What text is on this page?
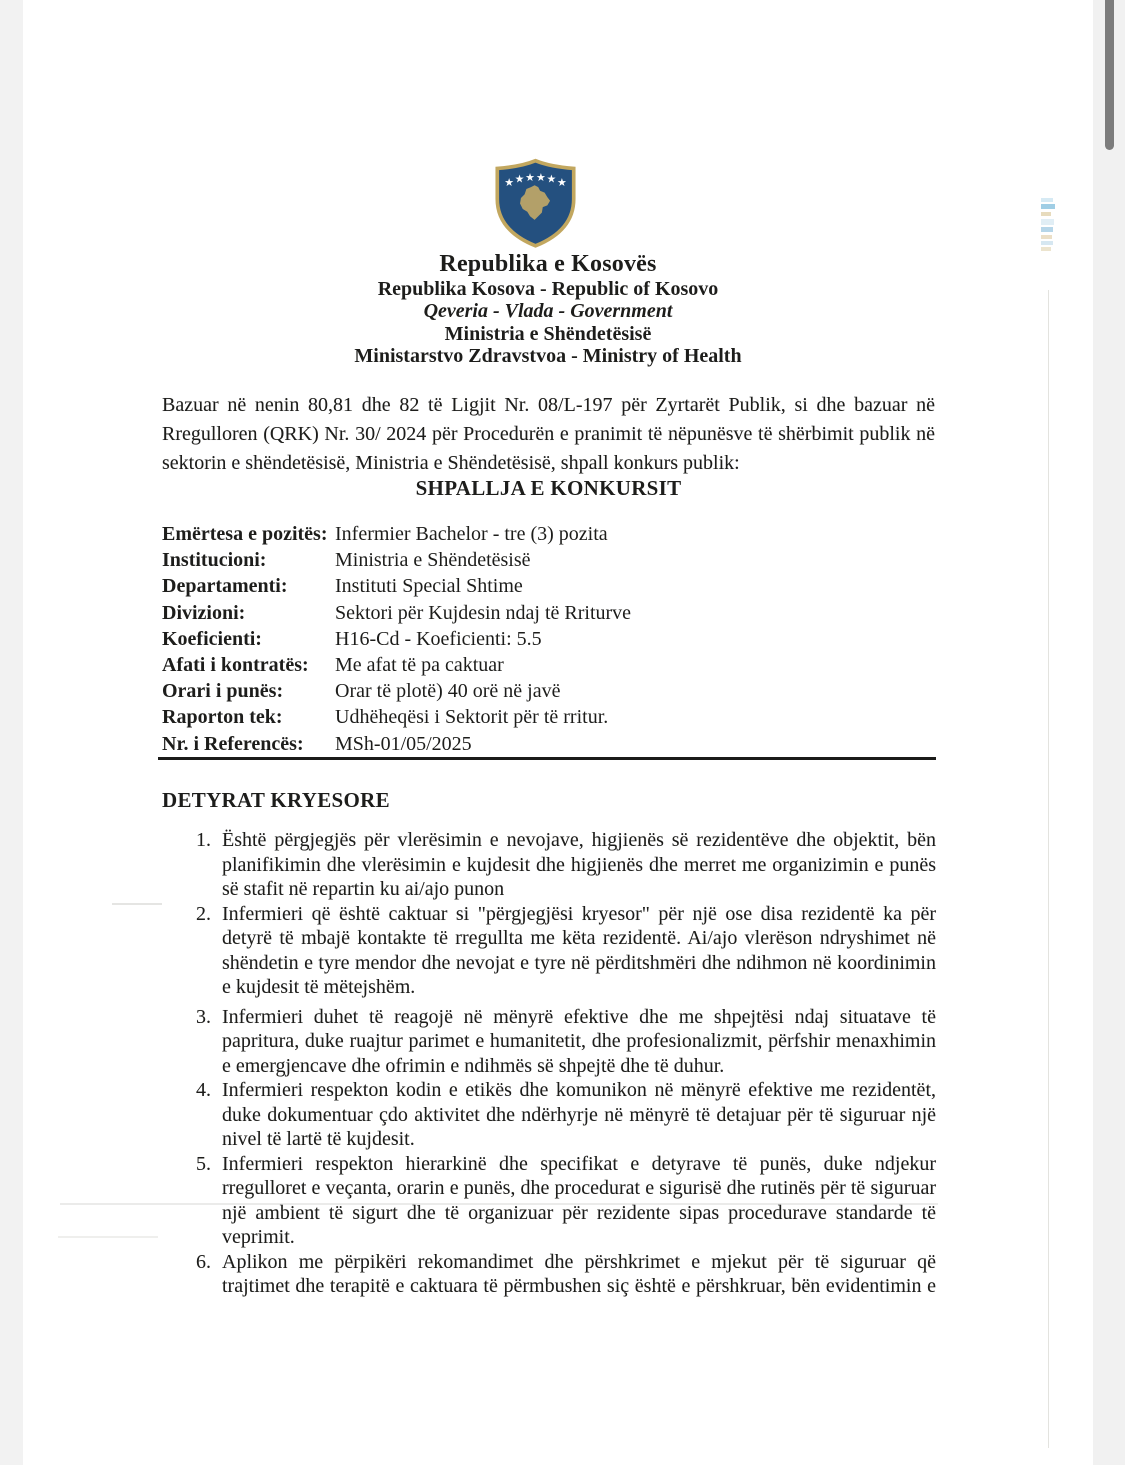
★ ★ ★ ★ ★ ★
Republika e Kosovës
Republika Kosova - Republic of Kosovo
Qeveria - Vlada - Government
Ministria e Shëndetësisë
Ministarstvo Zdravstvoa - Ministry of Health

Bazuar në nenin 80,81 dhe 82 të Ligjit Nr. 08/L-197 për Zyrtarët Publik, si dhe bazuar në Rregulloren (QRK) Nr. 30/ 2024 për Procedurën e pranimit të nëpunësve të shërbimit publik në sektorin e shëndetësisë, Ministria e Shëndetësisë, shpall konkurs publik:

SHPALLJA E KONKURSIT
Emërtesa e pozitës: Infermier Bachelor - tre (3) pozita
Institucioni:	Ministria e Shëndetësisë
Departamenti:	Instituti Special Shtime
Divizioni:	Sektori për Kujdesin ndaj të Rriturve
Koeficienti:	H16-Cd - Koeficienti: 5.5
Afati i kontratës:	Me afat të pa caktuar
Orari i punës:	Orar të plotë) 40 orë në javë
Raporton tek:	Udhëheqësi i Sektorit për të rritur.
Nr. i Referencës:	MSh-01/05/2025
DETYRAT KRYESORE
1. Është përgjegjës për vlerësimin e nevojave, higjienës së rezidentëve dhe objektit, bën planifikimin dhe vlerësimin e kujdesit dhe higjienës dhe merret me organizimin e punës së stafit në repartin ku ai/ajo punon
2. Infermieri që është caktuar si "përgjegjësi kryesor" për një ose disa rezidentë ka për detyrë të mbajë kontakte të rregullta me këta rezidentë. Ai/ajo vlerëson ndryshimet në shëndetin e tyre mendor dhe nevojat e tyre në përditshmëri dhe ndihmon në koordinimin e kujdesit të mëtejshëm.
3. Infermieri duhet të reagojë në mënyrë efektive dhe me shpejtësi ndaj situatave të papritura, duke ruajtur parimet e humanitetit, dhe profesionalizmit, përfshir menaxhimin e emergjencave dhe ofrimin e ndihmës së shpejtë dhe të duhur.
4. Infermieri respekton kodin e etikës dhe komunikon në mënyrë efektive me rezidentët, duke dokumentuar çdo aktivitet dhe ndërhyrje në mënyrë të detajuar për të siguruar një nivel të lartë të kujdesit.
5. Infermieri respekton hierarkinë dhe specifikat e detyrave të punës, duke ndjekur rregulloret e veçanta, orarin e punës, dhe procedurat e sigurisë dhe rutinës për të siguruar një ambient të sigurt dhe të organizuar për rezidente sipas procedurave standarde të veprimit.
6. Aplikon me përpikëri rekomandimet dhe përshkrimet e mjekut për të siguruar që trajtimet dhe terapitë e caktuara të përmbushen siç është e përshkruar, bën evidentimin e
